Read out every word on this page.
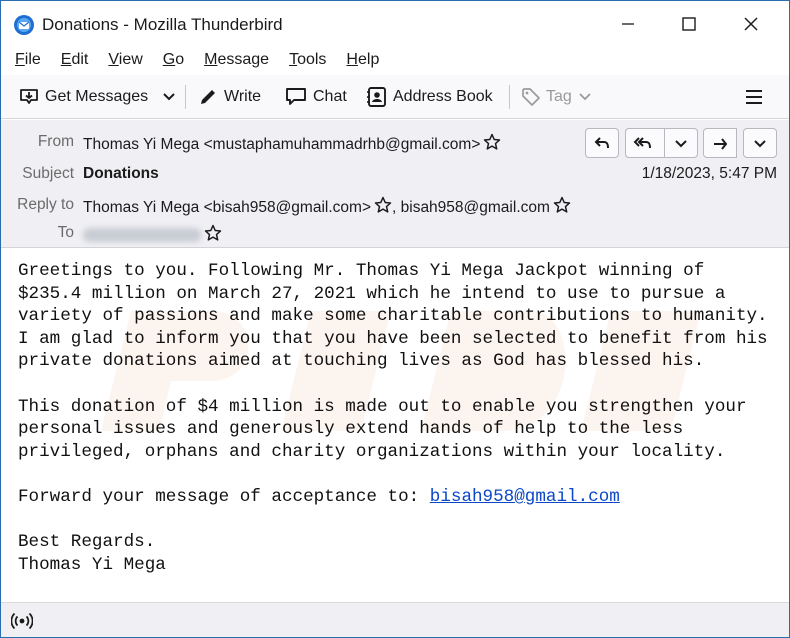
Donations - Mozilla Thunderbird
File	Edit	View	Go	Message	Tools	Help
Get Messages	Write	Chat	Address Book	Tag
From Thomas Yi Mega <mustaphamuhammadrhb@gmail.com>
Subject Donations	1/18/2023, 5:47 PM
Reply to Thomas Yi Mega <bisah958@gmail.com> , bisah958@gmail.com
To

Greetings to you. Following Mr. Thomas Yi Mega Jackpot winning of
$235.4 million on March 27, 2021 which he intend to use to pursue a
variety of passions and make some charitable contributions to humanity.
I am glad to inform you that you have been selected to benefit from his
private donations aimed at touching lives as God has blessed his.

This donation of $4 million is made out to enable you strengthen your
personal issues and generously extend hands of help to the less
privileged, orphans and charity organizations within your locality.

Forward your message of acceptance to: bisah958@gmail.com

Best Regards.
Thomas Yi Mega
